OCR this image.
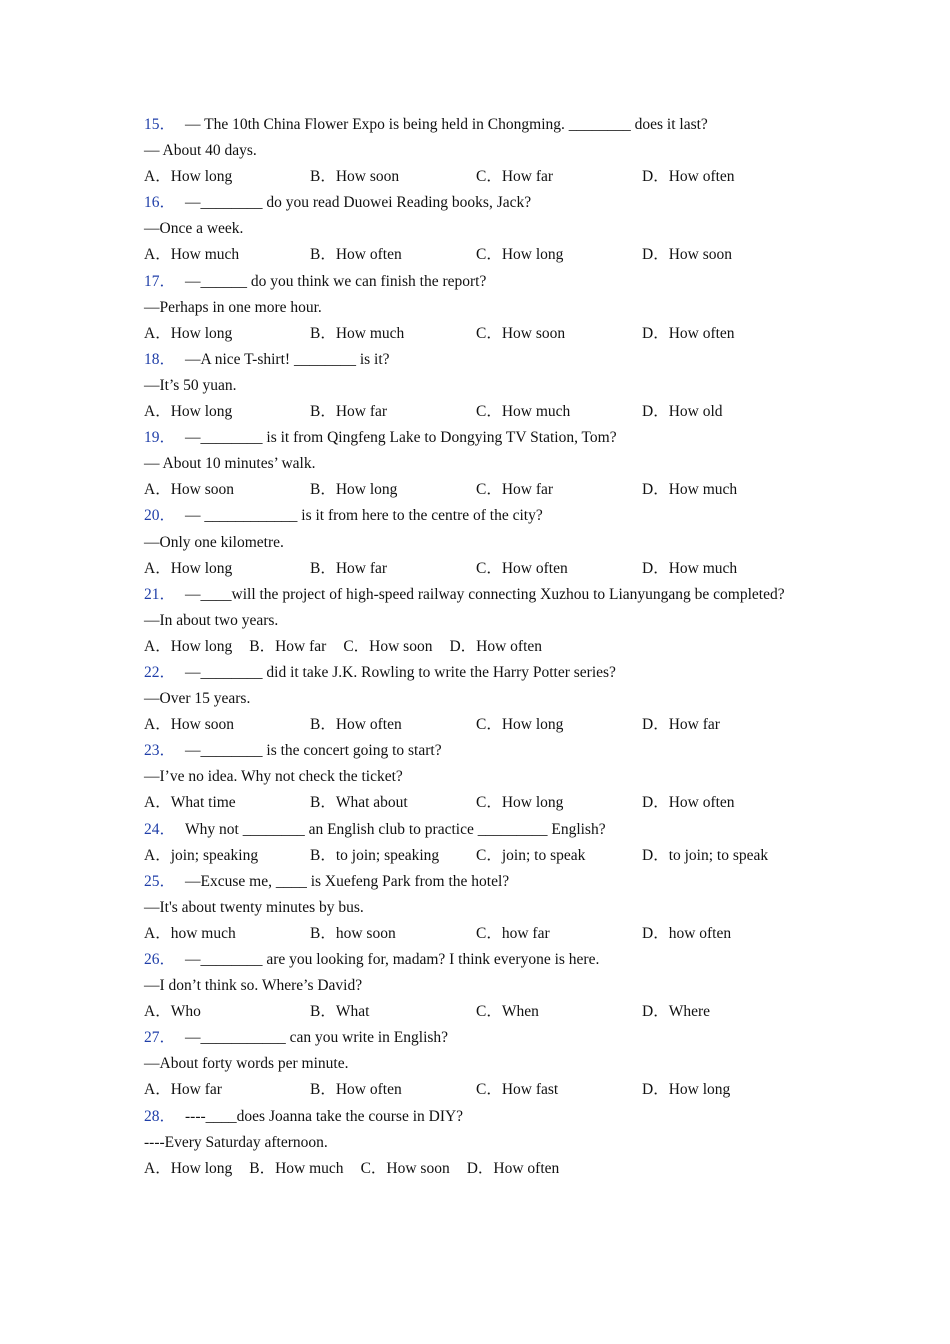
15． — The 10th China Flower Expo is being held in Chongming. ________ does it last?
— About 40 days.
A．How long	B．How soon	C．How far	D．How often
16． —________ do you read Duowei Reading books, Jack?
—Once a week.
A．How much	B．How often	C．How long	D．How soon
17． —______ do you think we can finish the report?
—Perhaps in one more hour.
A．How long	B．How much	C．How soon	D．How often
18． —A nice T-shirt! ________ is it?
—It’s 50 yuan.
A．How long	B．How far	C．How much	D．How old
19． —________ is it from Qingfeng Lake to Dongying TV Station, Tom?
— About 10 minutes’ walk.
A．How soon	B．How long	C．How far	D．How much
20． — ____________ is it from here to the centre of the city?
—Only one kilometre.
A．How long	B．How far	C．How often	D．How much
21． —____will the project of high-speed railway connecting Xuzhou to Lianyungang be completed?
—In about two years.
A．How long B．How far C．How soon D．How often
22． —________ did it take J.K. Rowling to write the Harry Potter series?
—Over 15 years.
A．How soon	B．How often	C．How long	D．How far
23． —________ is the concert going to start?
—I’ve no idea. Why not check the ticket?
A．What time	B．What about	C．How long	D．How often
24． Why not ________ an English club to practice _________ English?
A．join; speaking	B．to join; speaking	C．join; to speak	D．to join; to speak
25． —Excuse me, ____ is Xuefeng Park from the hotel?
—It's about twenty minutes by bus.
A．how much	B．how soon	C．how far	D．how often
26． —________ are you looking for, madam? I think everyone is here.
—I don’t think so. Where’s David?
A．Who	B．What	C．When	D．Where
27． —___________ can you write in English?
—About forty words per minute.
A．How far	B．How often	C．How fast	D．How long
28． ----____does Joanna take the course in DIY?
----Every Saturday afternoon.
A．How long B．How much C．How soon D．How often
